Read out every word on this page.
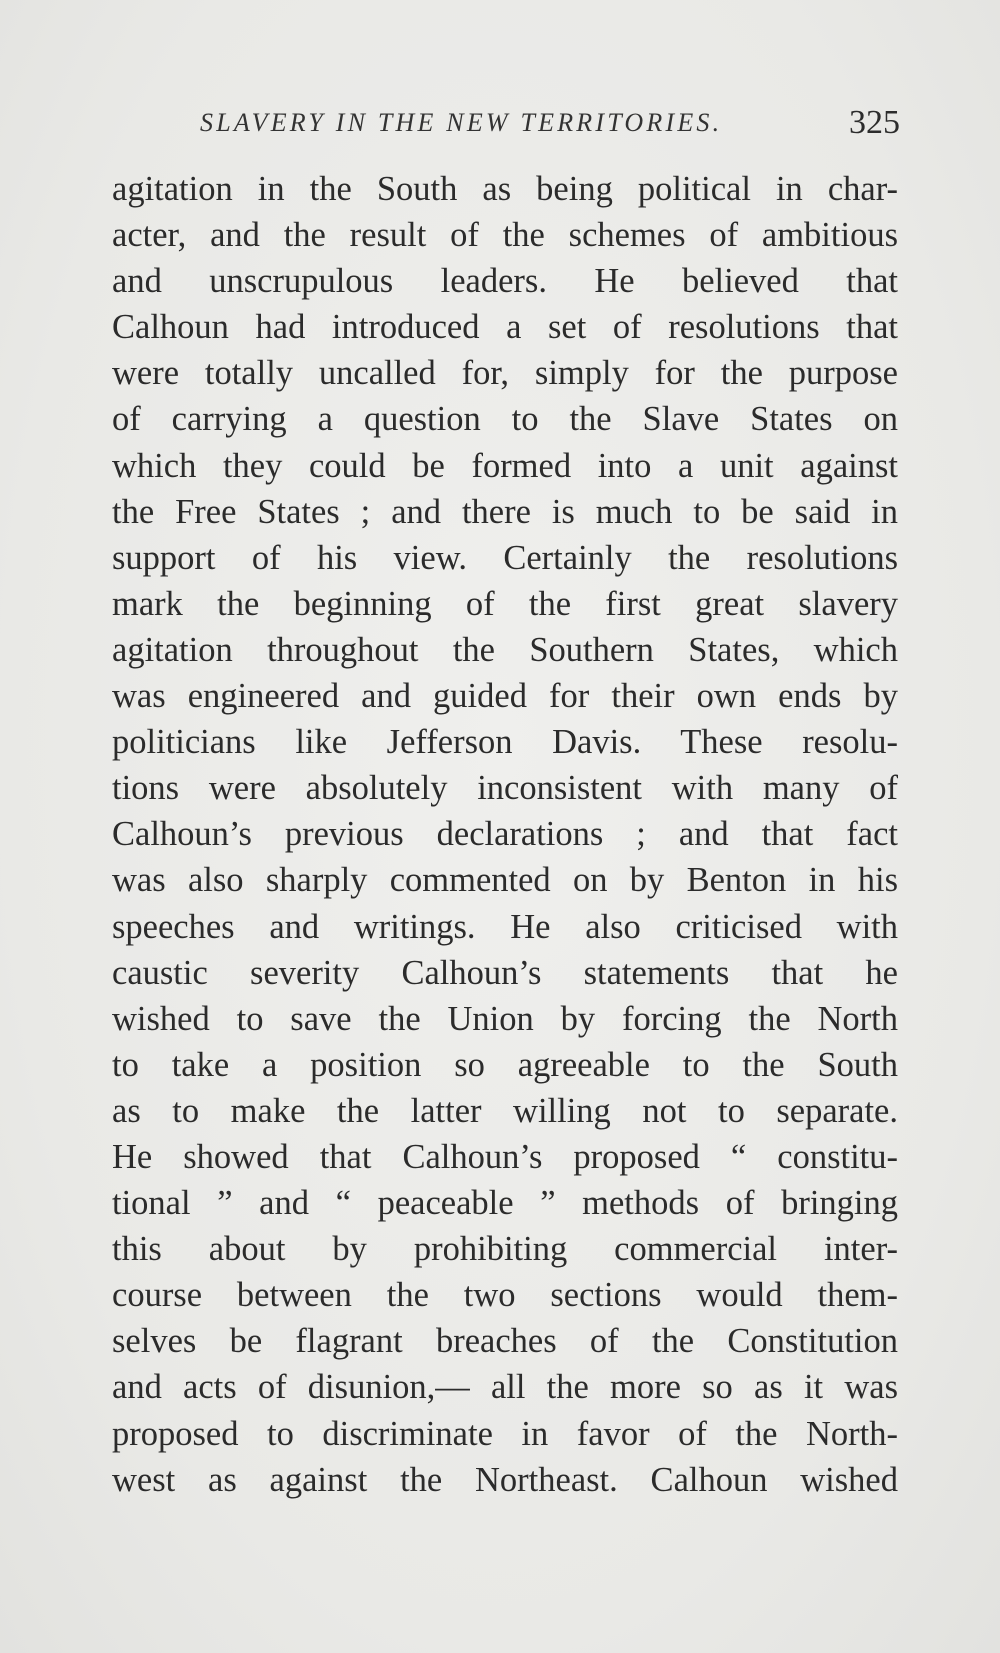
SLAVERY IN THE NEW TERRITORIES.	325
agitation in the South as being political in char-
acter, and the result of the schemes of ambitious
and unscrupulous leaders. He believed that
Calhoun had introduced a set of resolutions that
were totally uncalled for, simply for the purpose
of carrying a question to the Slave States on
which they could be formed into a unit against
the Free States ; and there is much to be said in
support of his view. Certainly the resolutions
mark the beginning of the first great slavery
agitation throughout the Southern States, which
was engineered and guided for their own ends by
politicians like Jefferson Davis. These resolu-
tions were absolutely inconsistent with many of
Calhoun’s previous declarations ; and that fact
was also sharply commented on by Benton in his
speeches and writings. He also criticised with
caustic severity Calhoun’s statements that he
wished to save the Union by forcing the North
to take a position so agreeable to the South
as to make the latter willing not to separate.
He showed that Calhoun’s proposed “ constitu-
tional ” and “ peaceable ” methods of bringing
this about by prohibiting commercial inter-
course between the two sections would them-
selves be flagrant breaches of the Constitution
and acts of disunion,— all the more so as it was
proposed to discriminate in favor of the North-
west as against the Northeast. Calhoun wished
